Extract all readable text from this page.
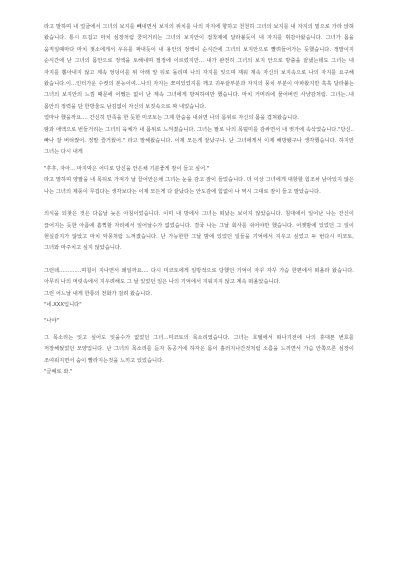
라고 말하며 내 얼굴에서 그녀의 보지를 빼내면서 보지의 위치를 나의 자지에 향하고 천천히 그녀의 보지를 내 자지의 밑으로 가라 앉혀 왔습니다. 통시 뜨겁고 마치 심장처럼 쿵덕거리는 그녀의 보지안이 접착제에 달라붙듯이 내 자지를 휘감아왔습니다. 그녀가 몸을 움직일때마다 마치 젖소에게서 우유를 짜내듯이 내 용안의 정액이 순식간에 그녀의 보지안으로 빨려들어가는 듯했습니다. 정말이지 순식간에 난 그녀의 몸안으로 정액을 토해내며 절정에 이르렀지만... 내가 완전히 그녀의 보지 안으로 방출을 끝냈는데도 그녀는 내 자지를 뽑아내지 않고 계속 엉덩이를 위 아래 앞 뒤로 돌리며 나의 자지를 잊으며 재워 계속 자신의 보지속으로 나의 자지를 요구해 왔습니다.이...인터가운 수컷의 본능이여...나의 자지는 쪼여있었지를 깨고 귀두끝부분과 자지의 뭉치 부분이 아파왔지만 혹혹 달라붙는 그녀의 보지안의 느낌 때문에 어쨌든 없이 난 계속 그녀에게 방져하여만 했습니다. 마치 거머리에 물어버린 사냥감처럼. 그녀는..내 몸안의 정력을 단 한방울도 남김없이 자신의 보짓속으로 짜 내었습니다.

얼마나 했을까요.... 간신히 만족을 한 듯한 미코토는 그제 한숨을 내쉬면 나의 몸위로 자신의 몸을 겹쳐왔습니다.

땀과 애액으로 번들거리는 그녀의 육체가 내 몸위로 느껴졌습니다. 그녀는 팔로 나의 목덜미를 감싸면서 내 귓가에 속삭였습니다."당신..빠나 잘 버텨줬어. 정말 즐거웠어." 라고 말해왔습니다. 이제 모든게 끝났구나. 난 그녀에게서 이제 해방됐구나 생각했습니다. 하지만 그녀는 다시 내게

"후후, 자아... 마지막은 어디로 당신을 안은채 기분좋게 잠이 들고 싶어."

라고 말하며 양팔을 내 목뒤로 가져가 날 끌어안은채 그녀는 눈을 감고 잠이 들었습니다. 더 이상 그녀에게 대항할 힘조차 남아있지 않은 나는 그녀의 제풍이 무겁다는 생각보다는 이제 모든게 다 끝났다는 안도감에 힘없이 나 역시 그대로 잠이 들고 말았습니다.

의식을 되찾은 것은 다음날 늦은 아침이었습니다. 이미 내 방에서 그녀는 떠났는 보이지 않았습니다. 침대에서 일어난 나는 잔신이 끊어지는 듯한 아픔에 흠찍할 자리에서 일어날수가 없었습니다. 결국 나는 그날 회사를 쉬어야만 했습니다. 어젯밤에 있었던 그 일이 현실같지가 않았고 마치 악몽처럼 느껴졌습니다. 난 가능한한 그날 밤에 있었던 일들을 기억에서 지우고 싶었고 두 번다시 미코토, 그녀와 마주치고 싶지 않았습니다.

그런데.............며칠이 지나면서 왜일까요.... 다시 미코토에게 일방적으로 당했던 기억이 자꾸 자꾸 가슴 한편에서 떠올라 왔습니다. 아무리 나의 머릿속에서 지우려해도 그 날 있었던 일은 나의 기억에서 지워지지 않고 계속 떠올았습니다.

그런 어느날 내게 한통의 전화가 걸려 왔습니다.

"네.XXX입니다"

"나야"

그 목소리는 잊고 싶어도 잊을수가 없었던 그녀...미코토의 목소리였습니다. 그녀는 호텔에서 떠나기전에 나의 휴대폰 번호를 저장해뒀었던 모양입니다. 난 그녀의 목소리를 듣자 동공거에 하자온 몸이 흘러지나간것처럼 소름을 느끼면서 가슴 안쪽으론 심장이 조여워지면서 숨이 빨라지는것을 느끼고 있었습니다.

"글쎄로 와."
